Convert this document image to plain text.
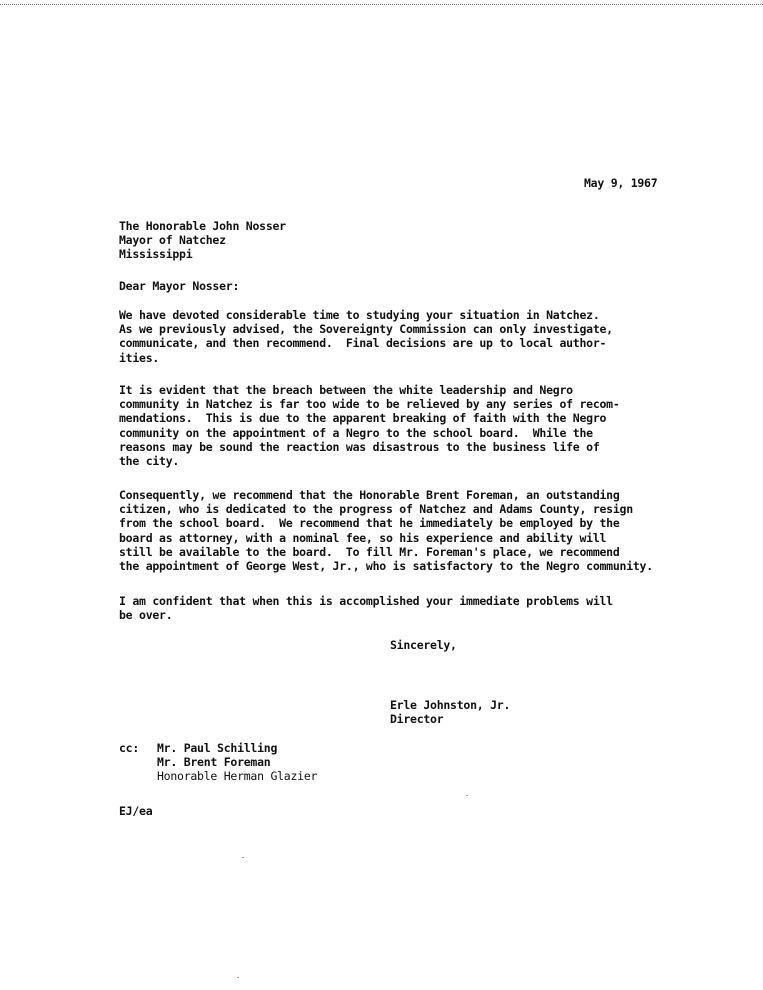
May 9, 1967
The Honorable John Nosser
Mayor of Natchez
Mississippi
Dear Mayor Nosser:
We have devoted considerable time to studying your situation in Natchez.
As we previously advised, the Sovereignty Commission can only investigate,
communicate, and then recommend.  Final decisions are up to local author-
ities.
It is evident that the breach between the white leadership and Negro
community in Natchez is far too wide to be relieved by any series of recom-
mendations.  This is due to the apparent breaking of faith with the Negro
community on the appointment of a Negro to the school board.  While the
reasons may be sound the reaction was disastrous to the business life of
the city.
Consequently, we recommend that the Honorable Brent Foreman, an outstanding
citizen, who is dedicated to the progress of Natchez and Adams County, resign
from the school board.  We recommend that he immediately be employed by the
board as attorney, with a nominal fee, so his experience and ability will
still be available to the board.  To fill Mr. Foreman's place, we recommend
the appointment of George West, Jr., who is satisfactory to the Negro community.
I am confident that when this is accomplished your immediate problems will
be over.
Sincerely,
Erle Johnston, Jr.
Director
cc: Mr. Paul Schilling
Mr. Brent Foreman
Honorable Herman Glazier
EJ/ea
